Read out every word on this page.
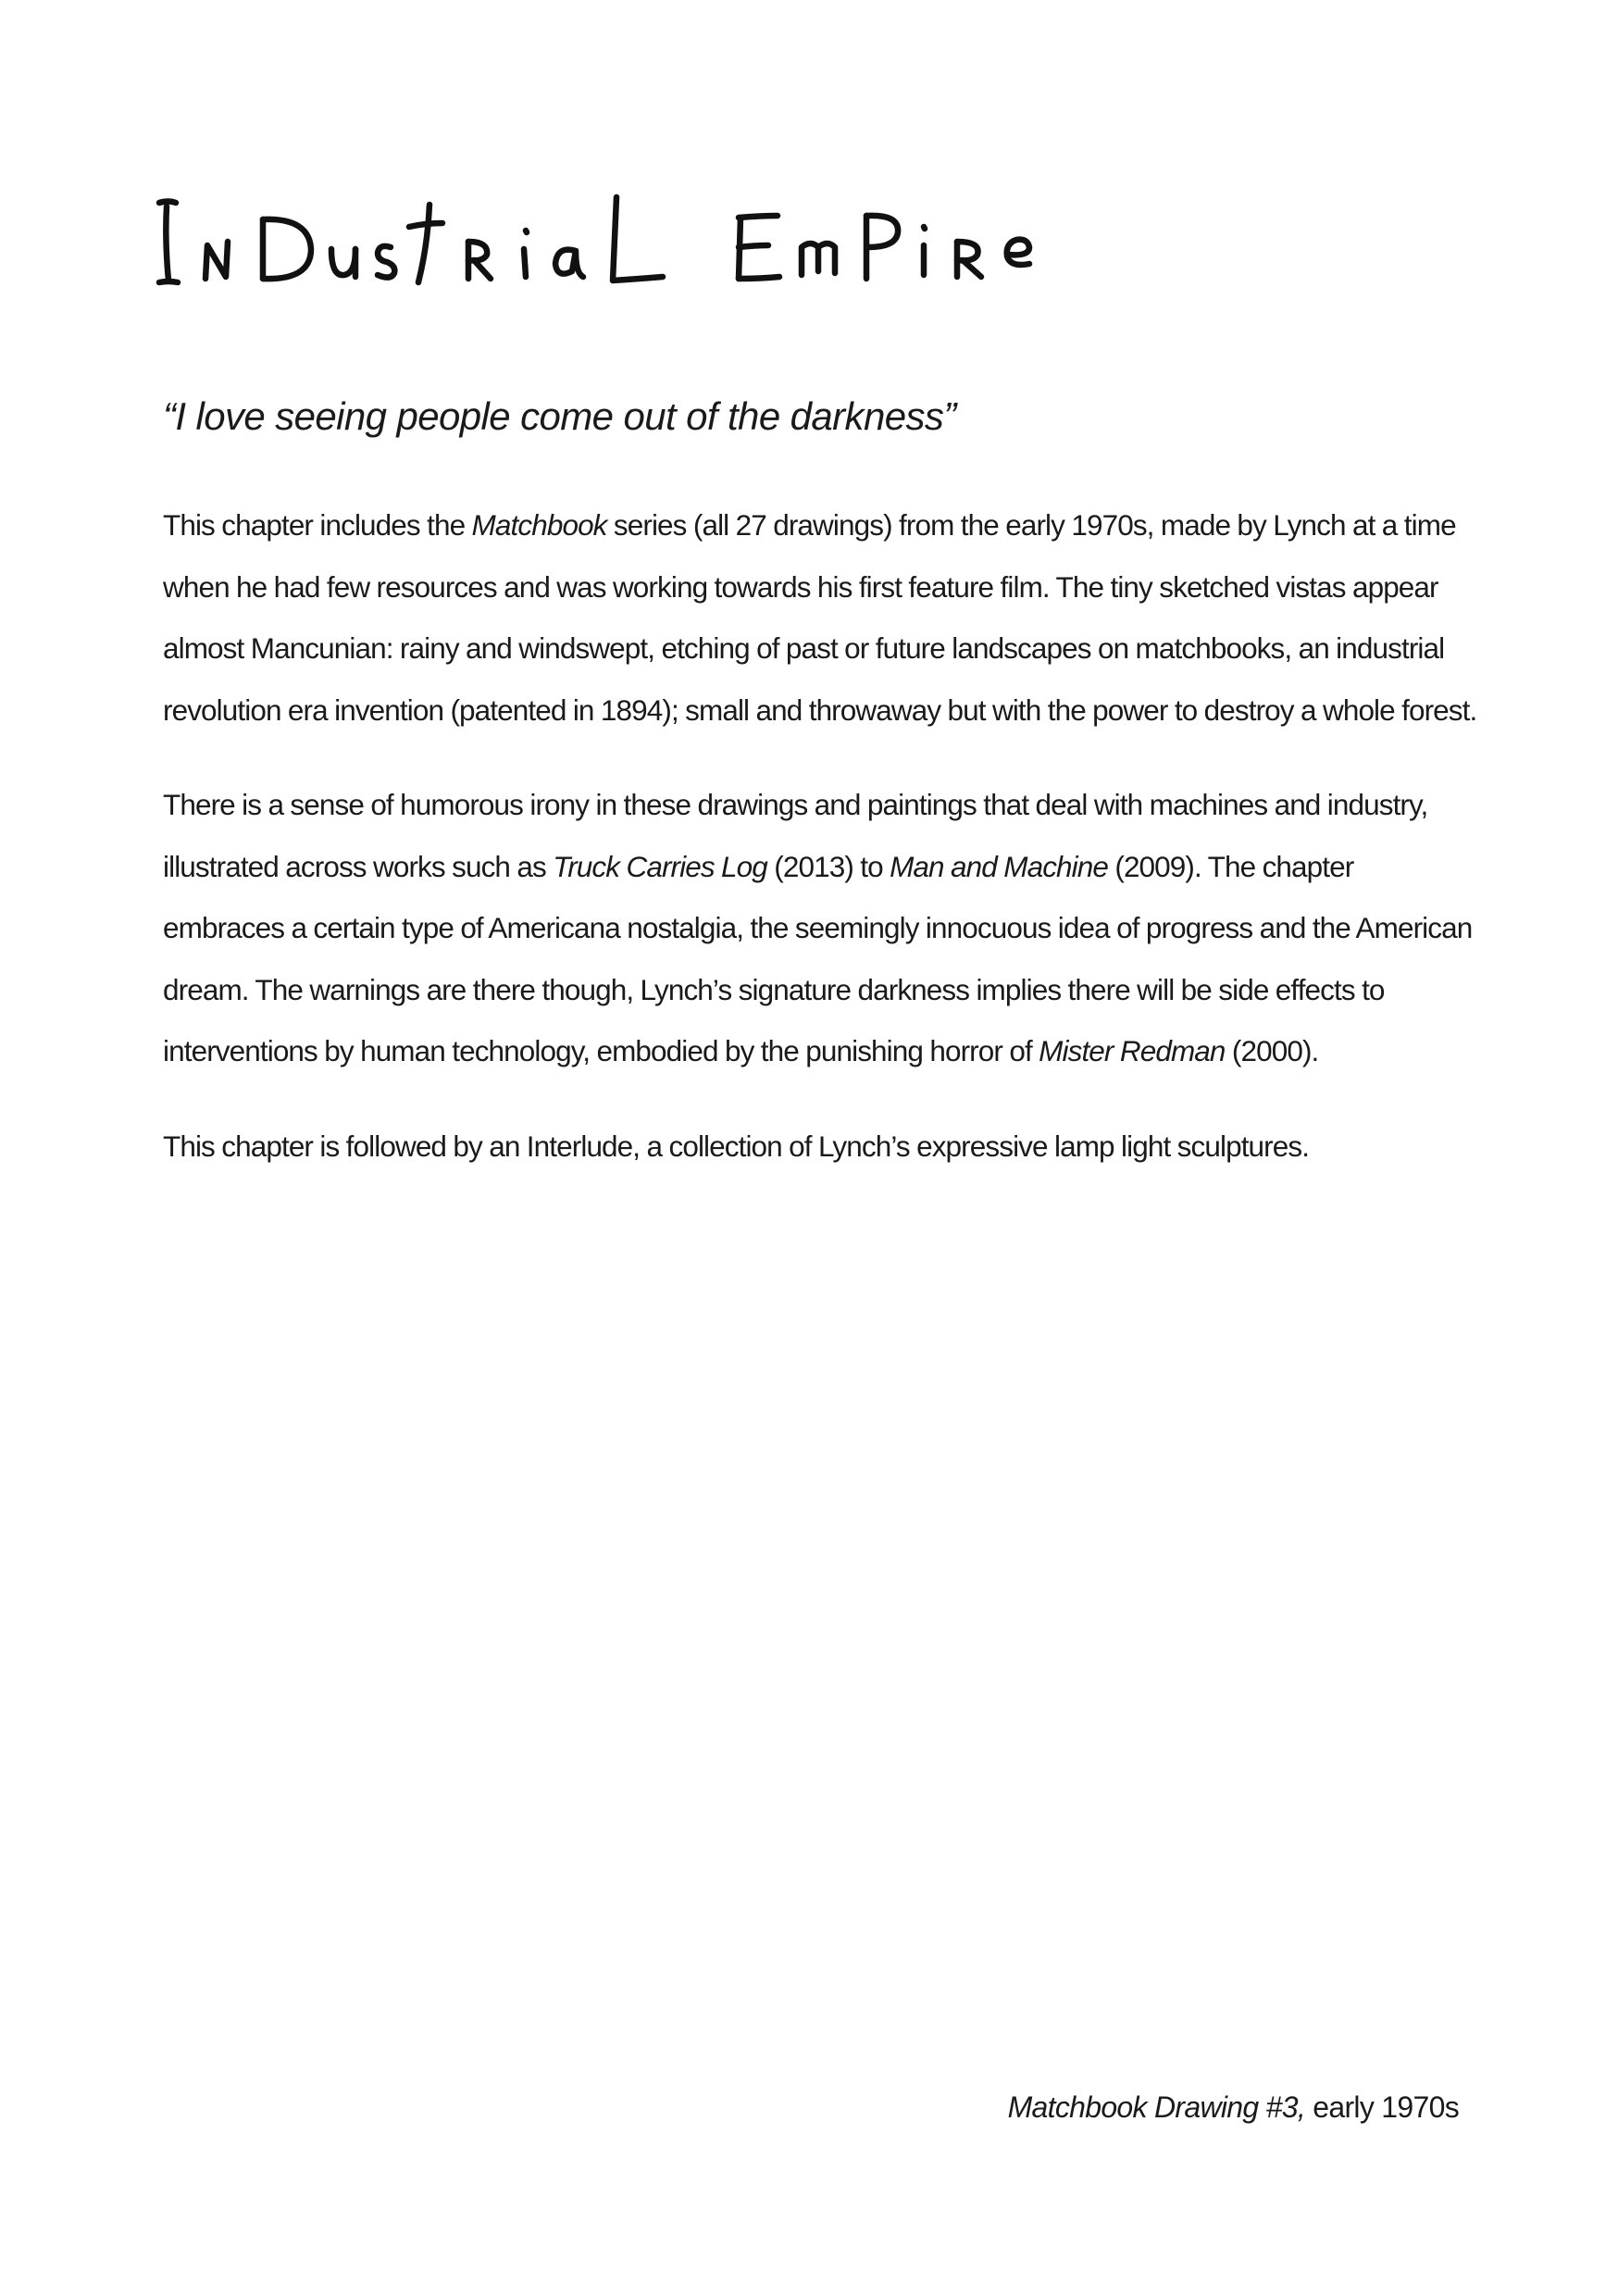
“I love seeing people come out of the darkness”

This chapter includes the Matchbook series (all 27 drawings) from the early 1970s, made by Lynch at a time when he had few resources and was working towards his first feature film. The tiny sketched vistas appear almost Mancunian: rainy and windswept, etching of past or future landscapes on matchbooks, an industrial revolution era invention (patented in 1894); small and throwaway but with the power to destroy a whole forest.

There is a sense of humorous irony in these drawings and paintings that deal with machines and industry, illustrated across works such as Truck Carries Log (2013) to Man and Machine (2009). The chapter embraces a certain type of Americana nostalgia, the seemingly innocuous idea of progress and the American dream. The warnings are there though, Lynch’s signature darkness implies there will be side effects to interventions by human technology, embodied by the punishing horror of Mister Redman (2000).

This chapter is followed by an Interlude, a collection of Lynch’s expressive lamp light sculptures.

Matchbook Drawing #3, early 1970s
